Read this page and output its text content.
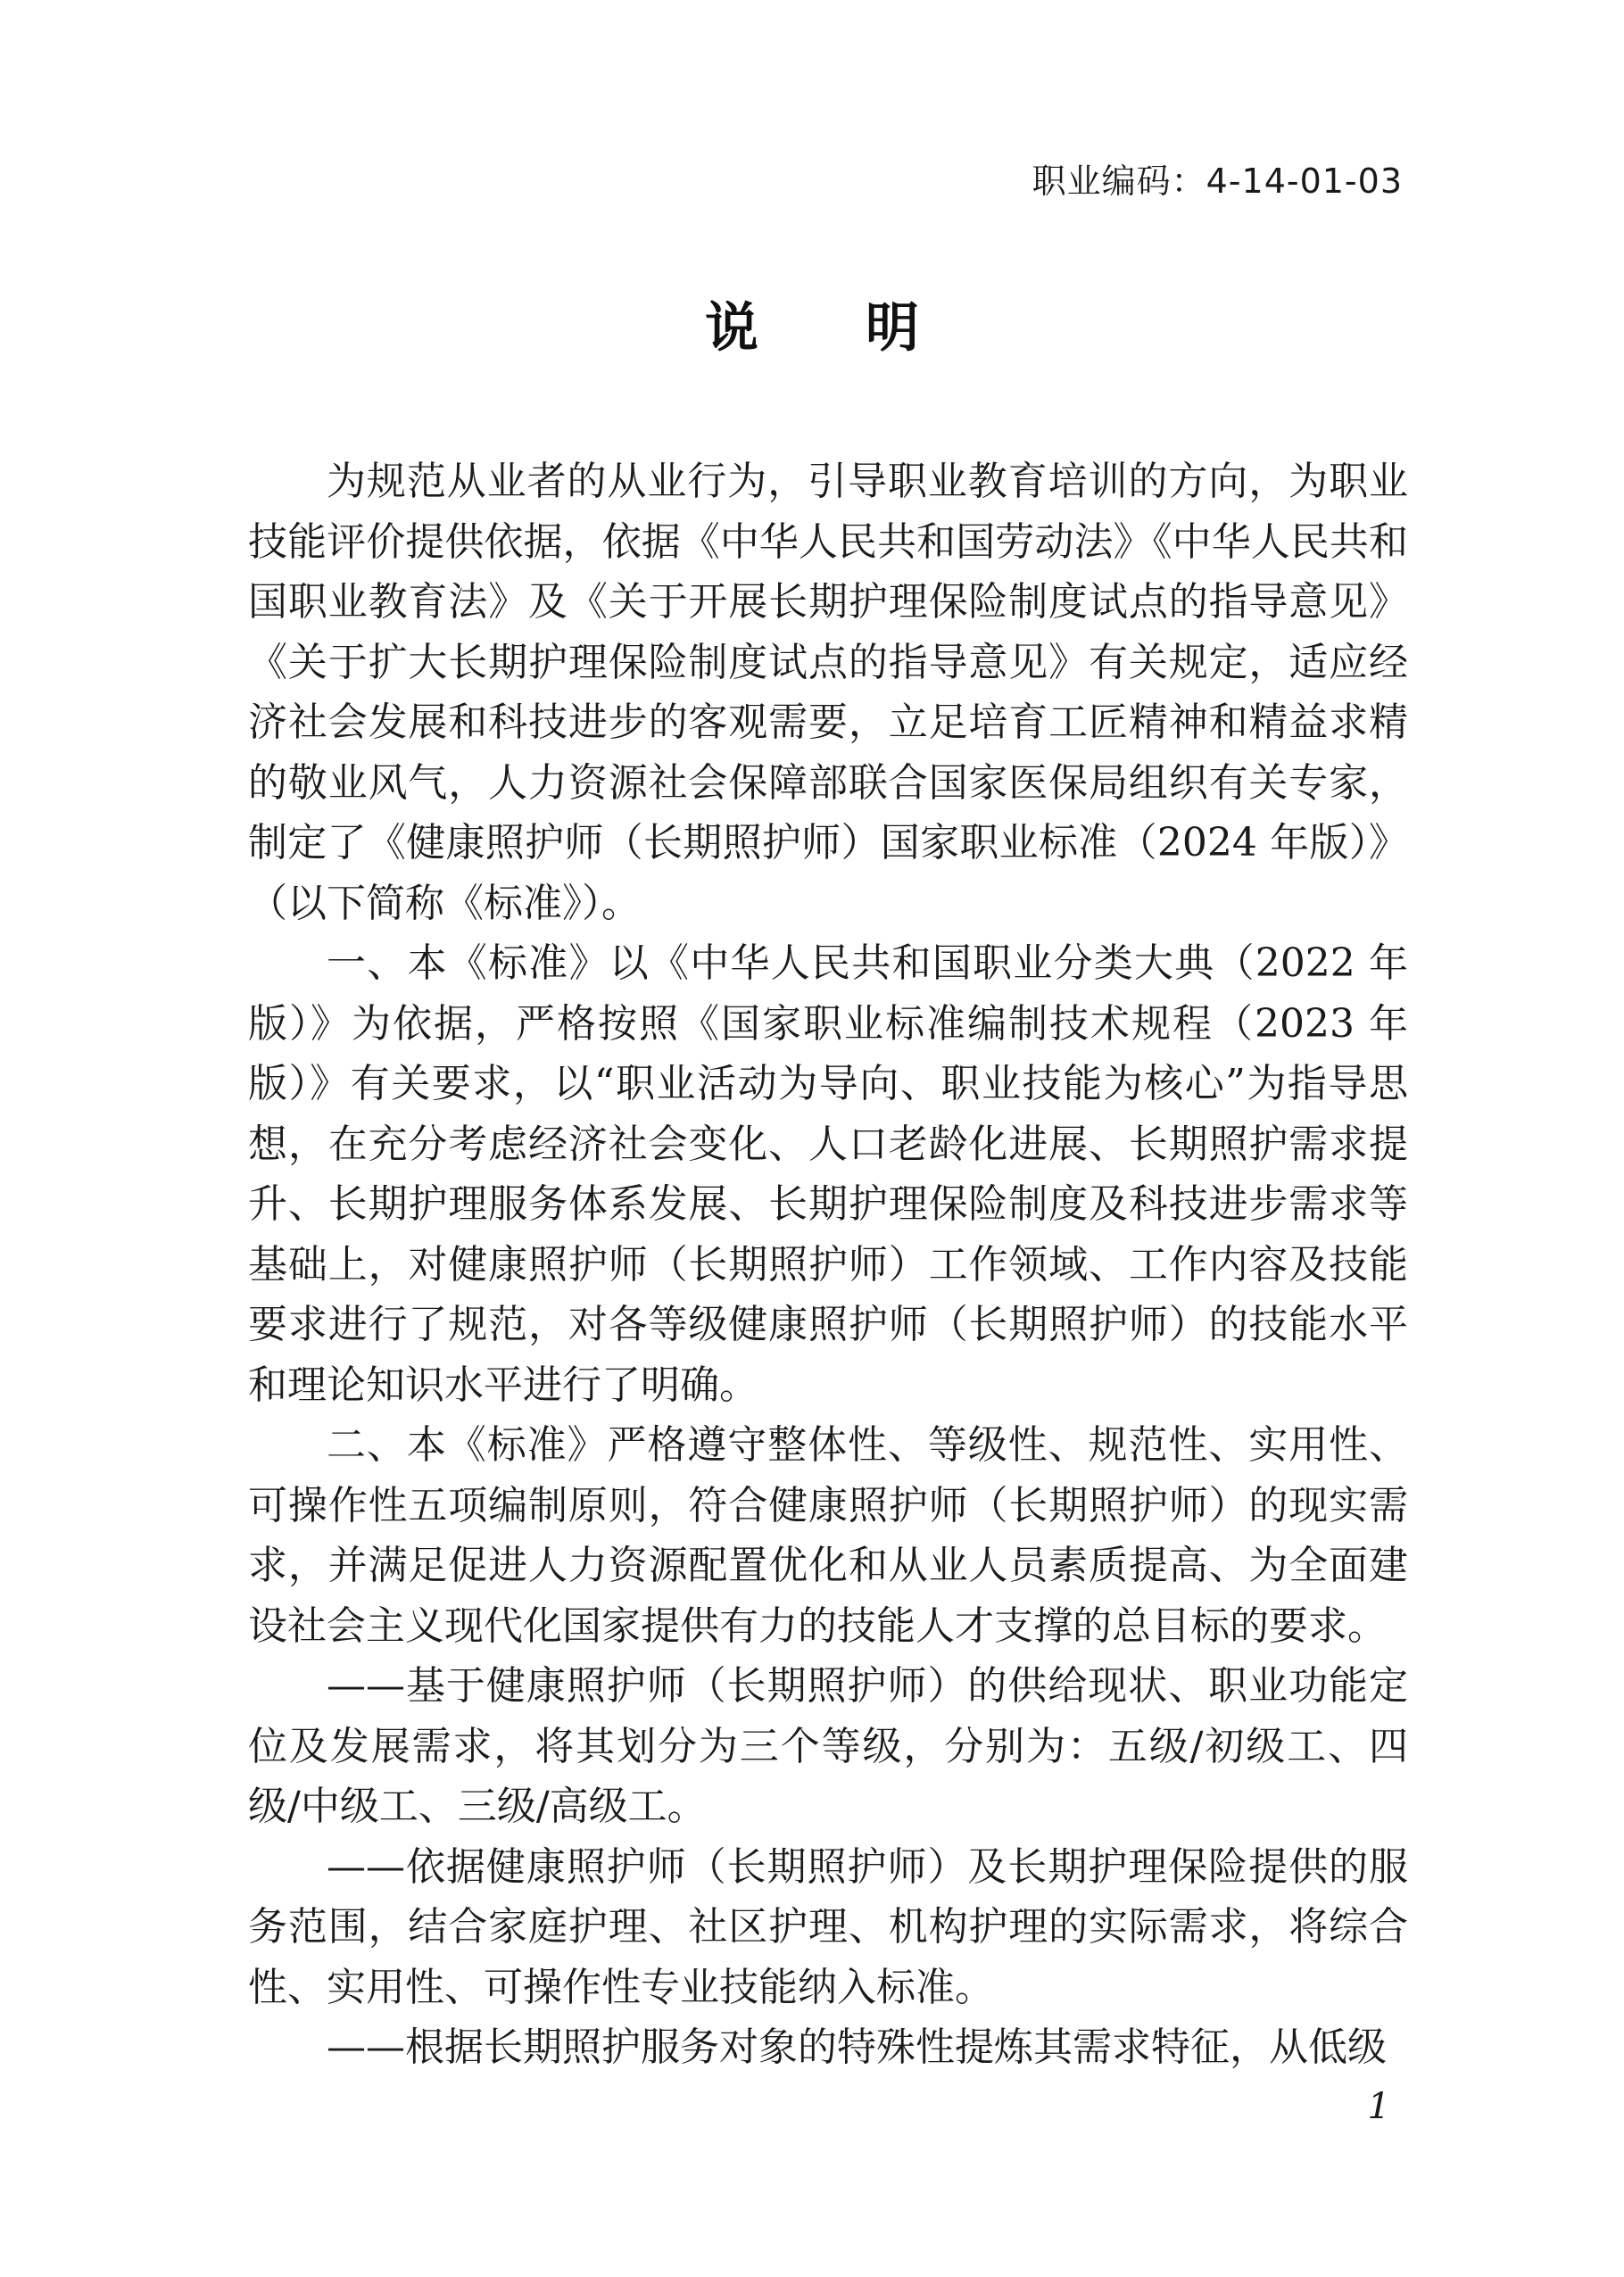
职业编码：4-14-01-03
说明

为规范从业者的从业行为，引导职业教育培训的方向，为职业技能评价提供依据，依据《中华人民共和国劳动法》《中华人民共和国职业教育法》及《关于开展长期护理保险制度试点的指导意见》《关于扩大长期护理保险制度试点的指导意见》有关规定，适应经济社会发展和科技进步的客观需要，立足培育工匠精神和精益求精的敬业风气，人力资源社会保障部联合国家医保局组织有关专家，制定了《健康照护师（长期照护师）国家职业标准（2024 年版）》（以下简称《标准》）。

一、本《标准》以《中华人民共和国职业分类大典（2022 年版）》为依据，严格按照《国家职业标准编制技术规程（2023 年版）》有关要求，以“职业活动为导向、职业技能为核心”为指导思想，在充分考虑经济社会变化、人口老龄化进展、长期照护需求提升、长期护理服务体系发展、长期护理保险制度及科技进步需求等基础上，对健康照护师（长期照护师）工作领域、工作内容及技能要求进行了规范，对各等级健康照护师（长期照护师）的技能水平和理论知识水平进行了明确。

二、本《标准》严格遵守整体性、等级性、规范性、实用性、可操作性五项编制原则，符合健康照护师（长期照护师）的现实需求，并满足促进人力资源配置优化和从业人员素质提高、为全面建设社会主义现代化国家提供有力的技能人才支撑的总目标的要求。

——基于健康照护师（长期照护师）的供给现状、职业功能定位及发展需求，将其划分为三个等级，分别为：五级/初级工、四级/中级工、三级/高级工。

——依据健康照护师（长期照护师）及长期护理保险提供的服务范围，结合家庭护理、社区护理、机构护理的实际需求，将综合性、实用性、可操作性专业技能纳入标准。

——根据长期照护服务对象的特殊性提炼其需求特征，从低级

1
